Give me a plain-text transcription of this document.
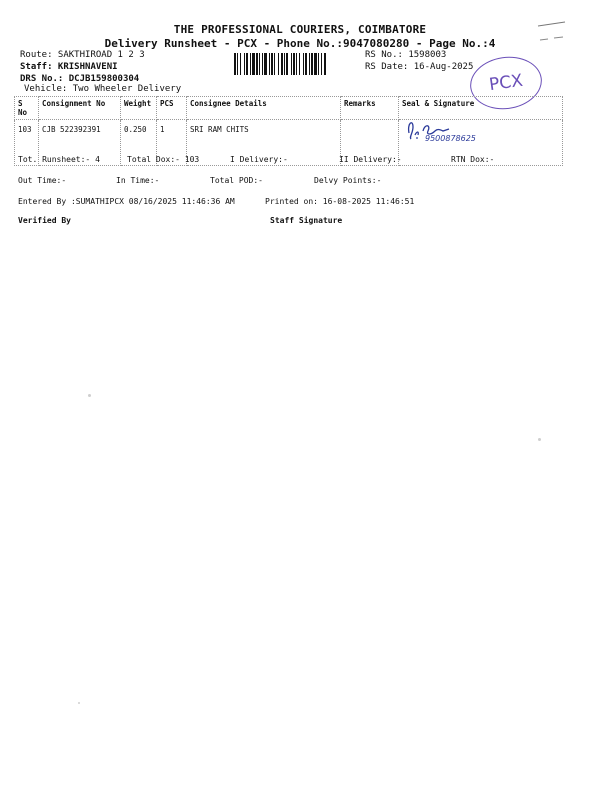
THE PROFESSIONAL COURIERS, COIMBATORE
Delivery Runsheet - PCX - Phone No.:9047080280 - Page No.:4
Route: SAKTHIROAD 1 2 3
Staff: KRISHNAVENI
DRS No.: DCJB159800304
Vehicle: Two Wheeler Delivery
RS No.: 1598003
RS Date: 16-Aug-2025
PCX
S No	Consignment No	Weight	PCS	Consignee Details	Remarks	Seal & Signature
103	CJB 522392391	0.250	1	SRI RAM CHITS		
9500878625
Tot. Runsheet:- 4	Total Dox:- 103	I Delivery:-	II Delivery:-	RTN Dox:-
Out Time:-	In Time:-	Total POD:-	Delvy Points:-
Entered By :SUMATHIPCX 08/16/2025 11:46:36 AM	Printed on: 16-08-2025 11:46:51
Verified By	Staff Signature
